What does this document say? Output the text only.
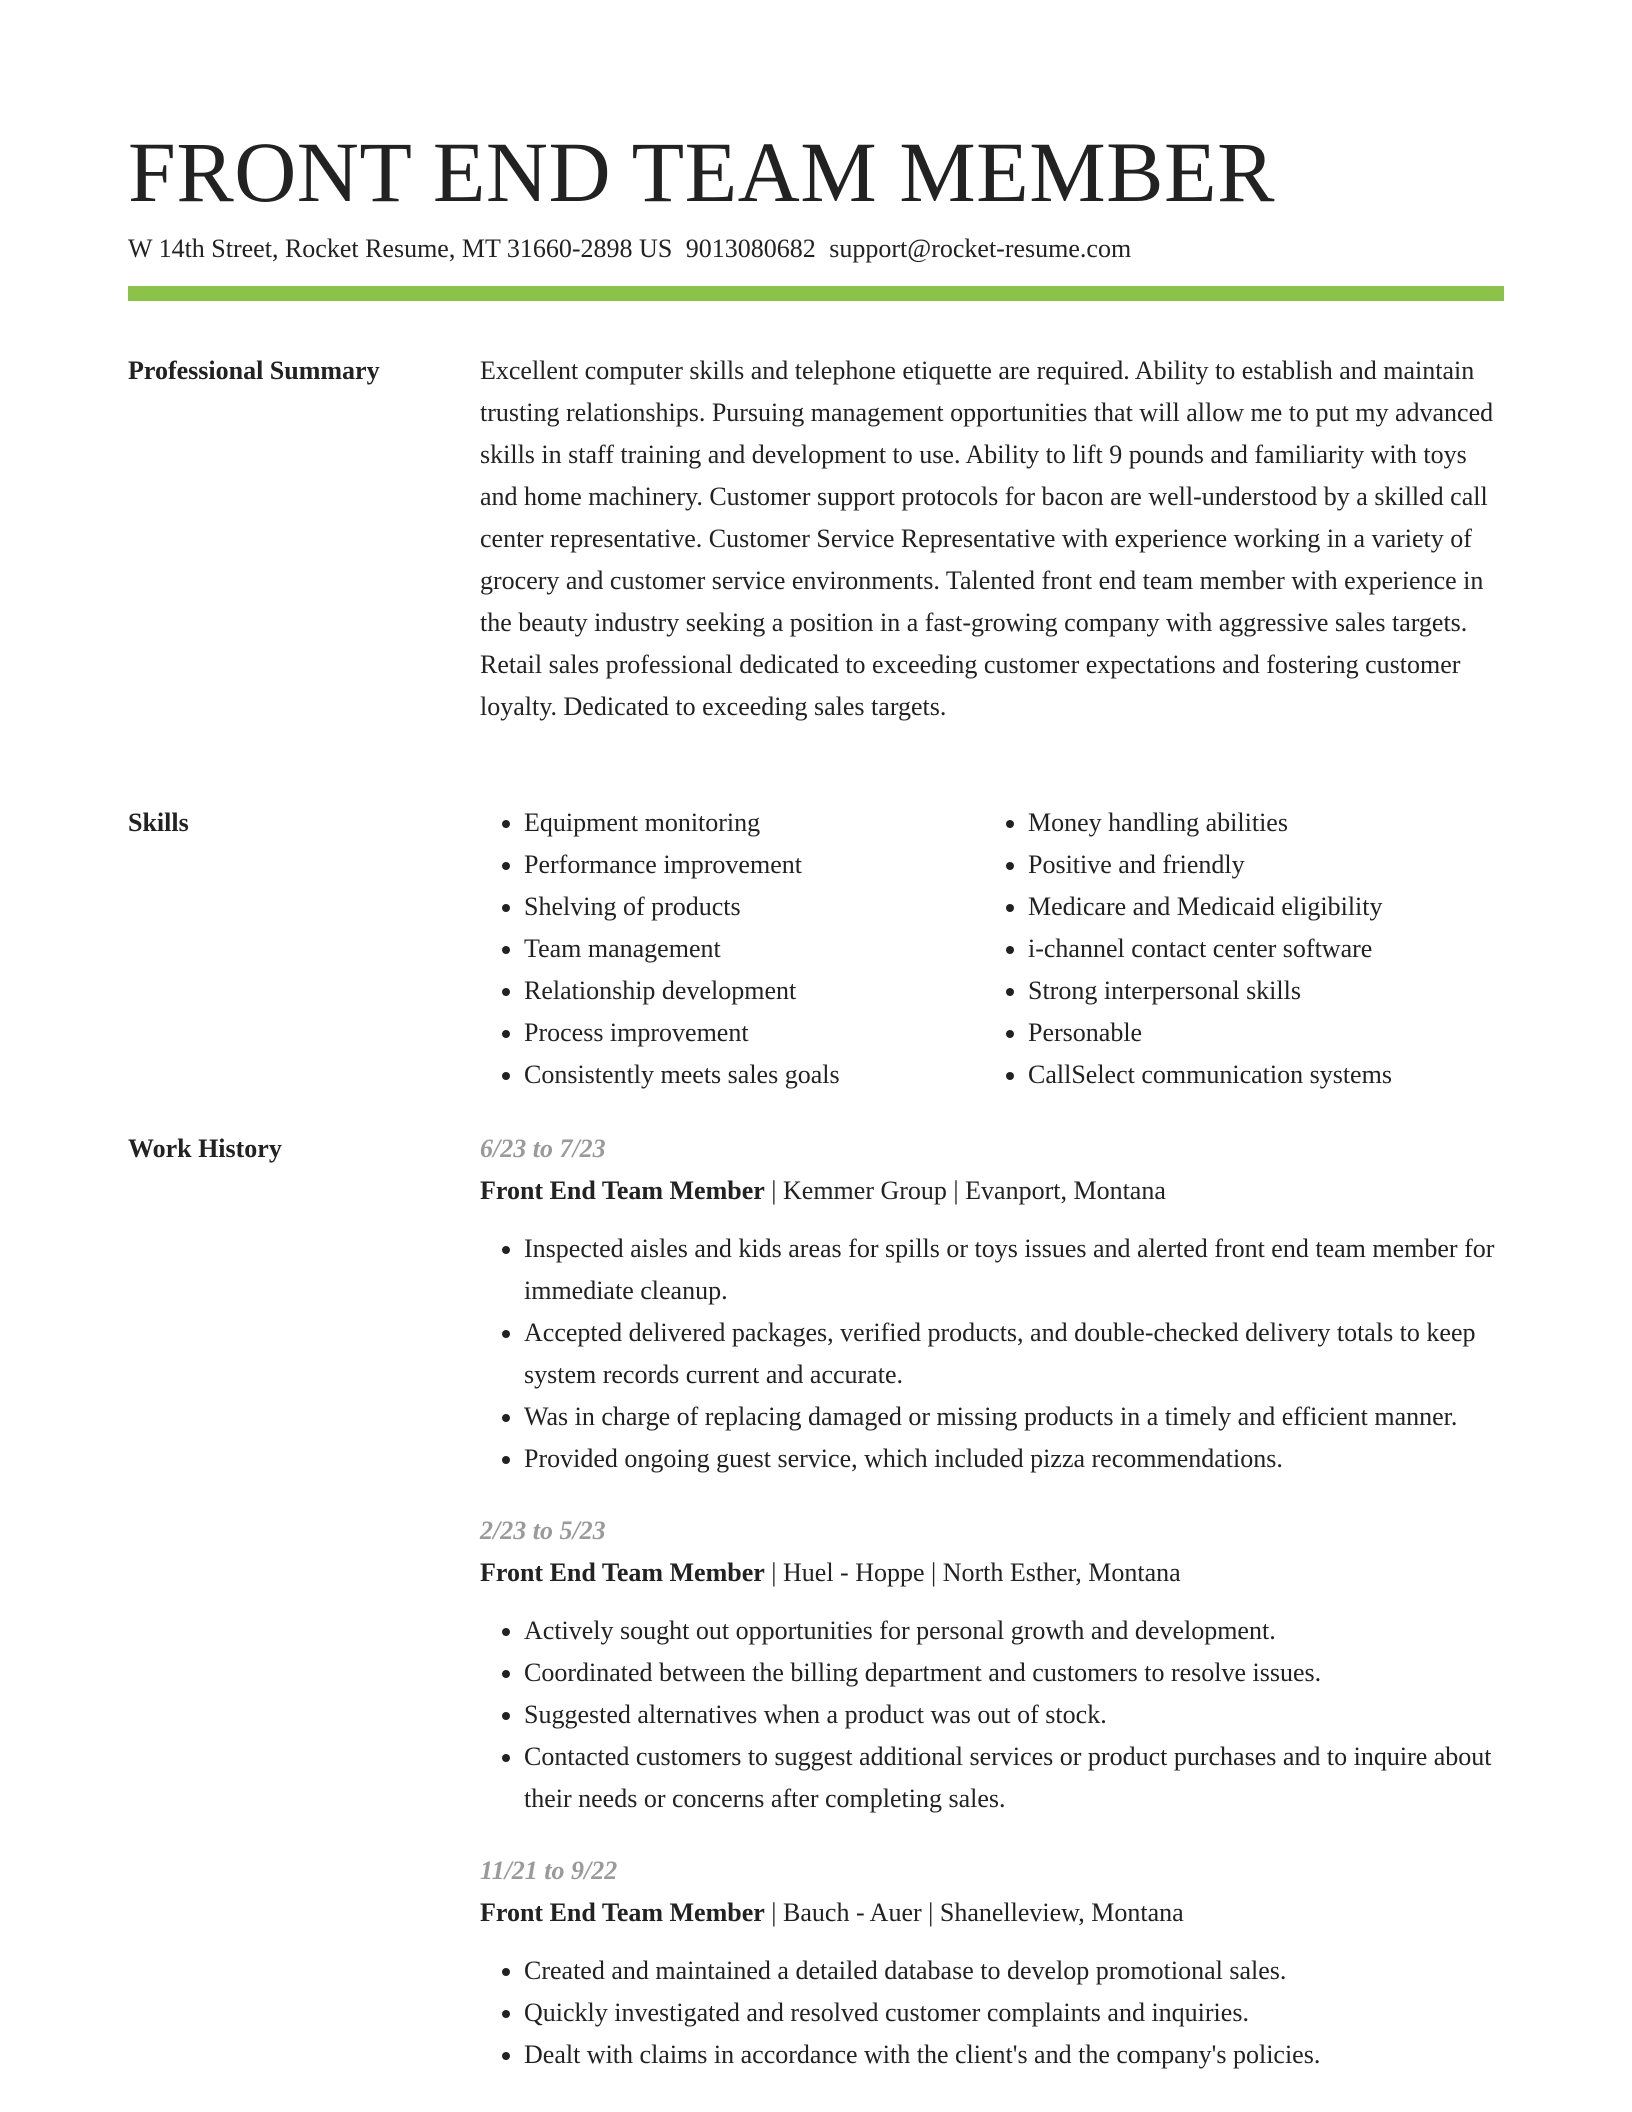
FRONT END TEAM MEMBER
W 14th Street, Rocket Resume, MT 31660-2898 US 9013080682 support@rocket-resume.com
Professional Summary	Excellent computer skills and telephone etiquette are required. Ability to establish and maintain trusting relationships. Pursuing management opportunities that will allow me to put my advanced skills in staff training and development to use. Ability to lift 9 pounds and familiarity with toys and home machinery. Customer support protocols for bacon are well-understood by a skilled call center representative. Customer Service Representative with experience working in a variety of grocery and customer service environments. Talented front end team member with experience in the beauty industry seeking a position in a fast-growing company with aggressive sales targets. Retail sales professional dedicated to exceeding customer expectations and fostering customer loyalty. Dedicated to exceeding sales targets.

Skills
•	Equipment monitoring
• Performance improvement
• Shelving of products
• Team management
• Relationship development
• Process improvement
• Consistently meets sales goals
• Money handling abilities
• Positive and friendly
• Medicare and Medicaid eligibility
• i-channel contact center software
• Strong interpersonal skills
• Personable
• CallSelect communication systems
Work History	6/23 to 7/23
Front End Team Member | Kemmer Group | Evanport, Montana
• Inspected aisles and kids areas for spills or toys issues and alerted front end team member for immediate cleanup.
• Accepted delivered packages, verified products, and double-checked delivery totals to keep system records current and accurate.
• Was in charge of replacing damaged or missing products in a timely and efficient manner.
• Provided ongoing guest service, which included pizza recommendations.
2/23 to 5/23
Front End Team Member | Huel - Hoppe | North Esther, Montana
• Actively sought out opportunities for personal growth and development.
• Coordinated between the billing department and customers to resolve issues.
• Suggested alternatives when a product was out of stock.
• Contacted customers to suggest additional services or product purchases and to inquire about their needs or concerns after completing sales.
11/21 to 9/22
Front End Team Member | Bauch - Auer | Shanelleview, Montana
• Created and maintained a detailed database to develop promotional sales.
• Quickly investigated and resolved customer complaints and inquiries.
• Dealt with claims in accordance with the client's and the company's policies.
